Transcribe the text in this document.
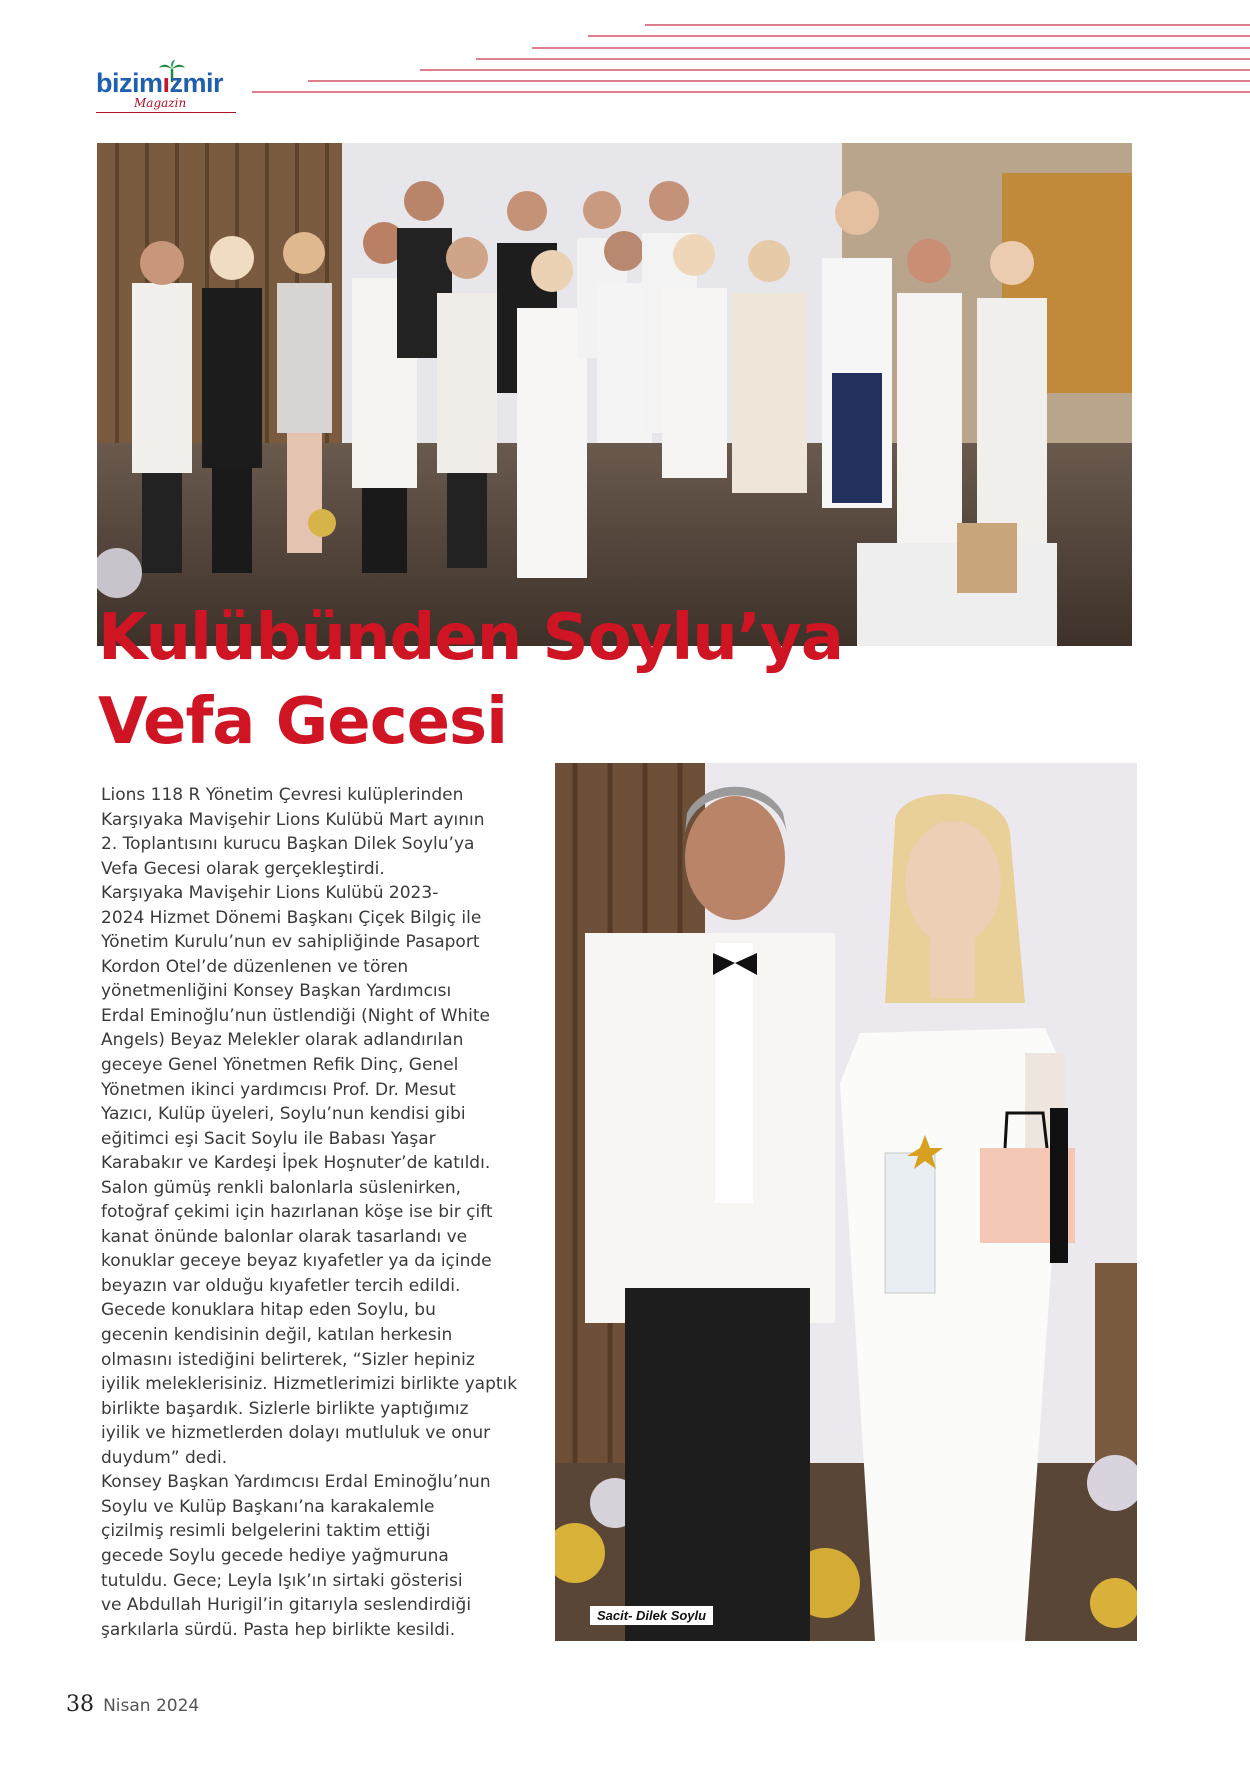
bizimızmir
Magazin
Kulübünden Soylu’ya
Vefa Gecesi

Lions 118 R Yönetim Çevresi kulüplerinden
Karşıyaka Mavişehir Lions Kulübü Mart ayının
2. Toplantısını kurucu Başkan Dilek Soylu’ya
Vefa Gecesi olarak gerçekleştirdi.
Karşıyaka Mavişehir Lions Kulübü 2023-
2024 Hizmet Dönemi Başkanı Çiçek Bilgiç ile
Yönetim Kurulu’nun ev sahipliğinde Pasaport
Kordon Otel’de düzenlenen ve tören
yönetmenliğini Konsey Başkan Yardımcısı
Erdal Eminoğlu’nun üstlendiği (Night of White
Angels) Beyaz Melekler olarak adlandırılan
geceye Genel Yönetmen Refik Dinç, Genel
Yönetmen ikinci yardımcısı Prof. Dr. Mesut
Yazıcı, Kulüp üyeleri, Soylu’nun kendisi gibi
eğitimci eşi Sacit Soylu ile Babası Yaşar
Karabakır ve Kardeşi İpek Hoşnuter’de katıldı.
Salon gümüş renkli balonlarla süslenirken,
fotoğraf çekimi için hazırlanan köşe ise bir çift
kanat önünde balonlar olarak tasarlandı ve
konuklar geceye beyaz kıyafetler ya da içinde
beyazın var olduğu kıyafetler tercih edildi.
Gecede konuklara hitap eden Soylu, bu
gecenin kendisinin değil, katılan herkesin
olmasını istediğini belirterek, “Sizler hepiniz
iyilik meleklerisiniz. Hizmetlerimizi birlikte yaptık
birlikte başardık. Sizlerle birlikte yaptığımız
iyilik ve hizmetlerden dolayı mutluluk ve onur
duydum” dedi.
Konsey Başkan Yardımcısı Erdal Eminoğlu’nun
Soylu ve Kulüp Başkanı’na karakalemle
çizilmiş resimli belgelerini taktim ettiği
gecede Soylu gecede hediye yağmuruna
tutuldu. Gece; Leyla Işık’ın sirtaki gösterisi
ve Abdullah Hurigil’in gitarıyla seslendirdiği
şarkılarla sürdü. Pasta hep birlikte kesildi.

Sacit- Dilek Soylu
38 Nisan 2024
